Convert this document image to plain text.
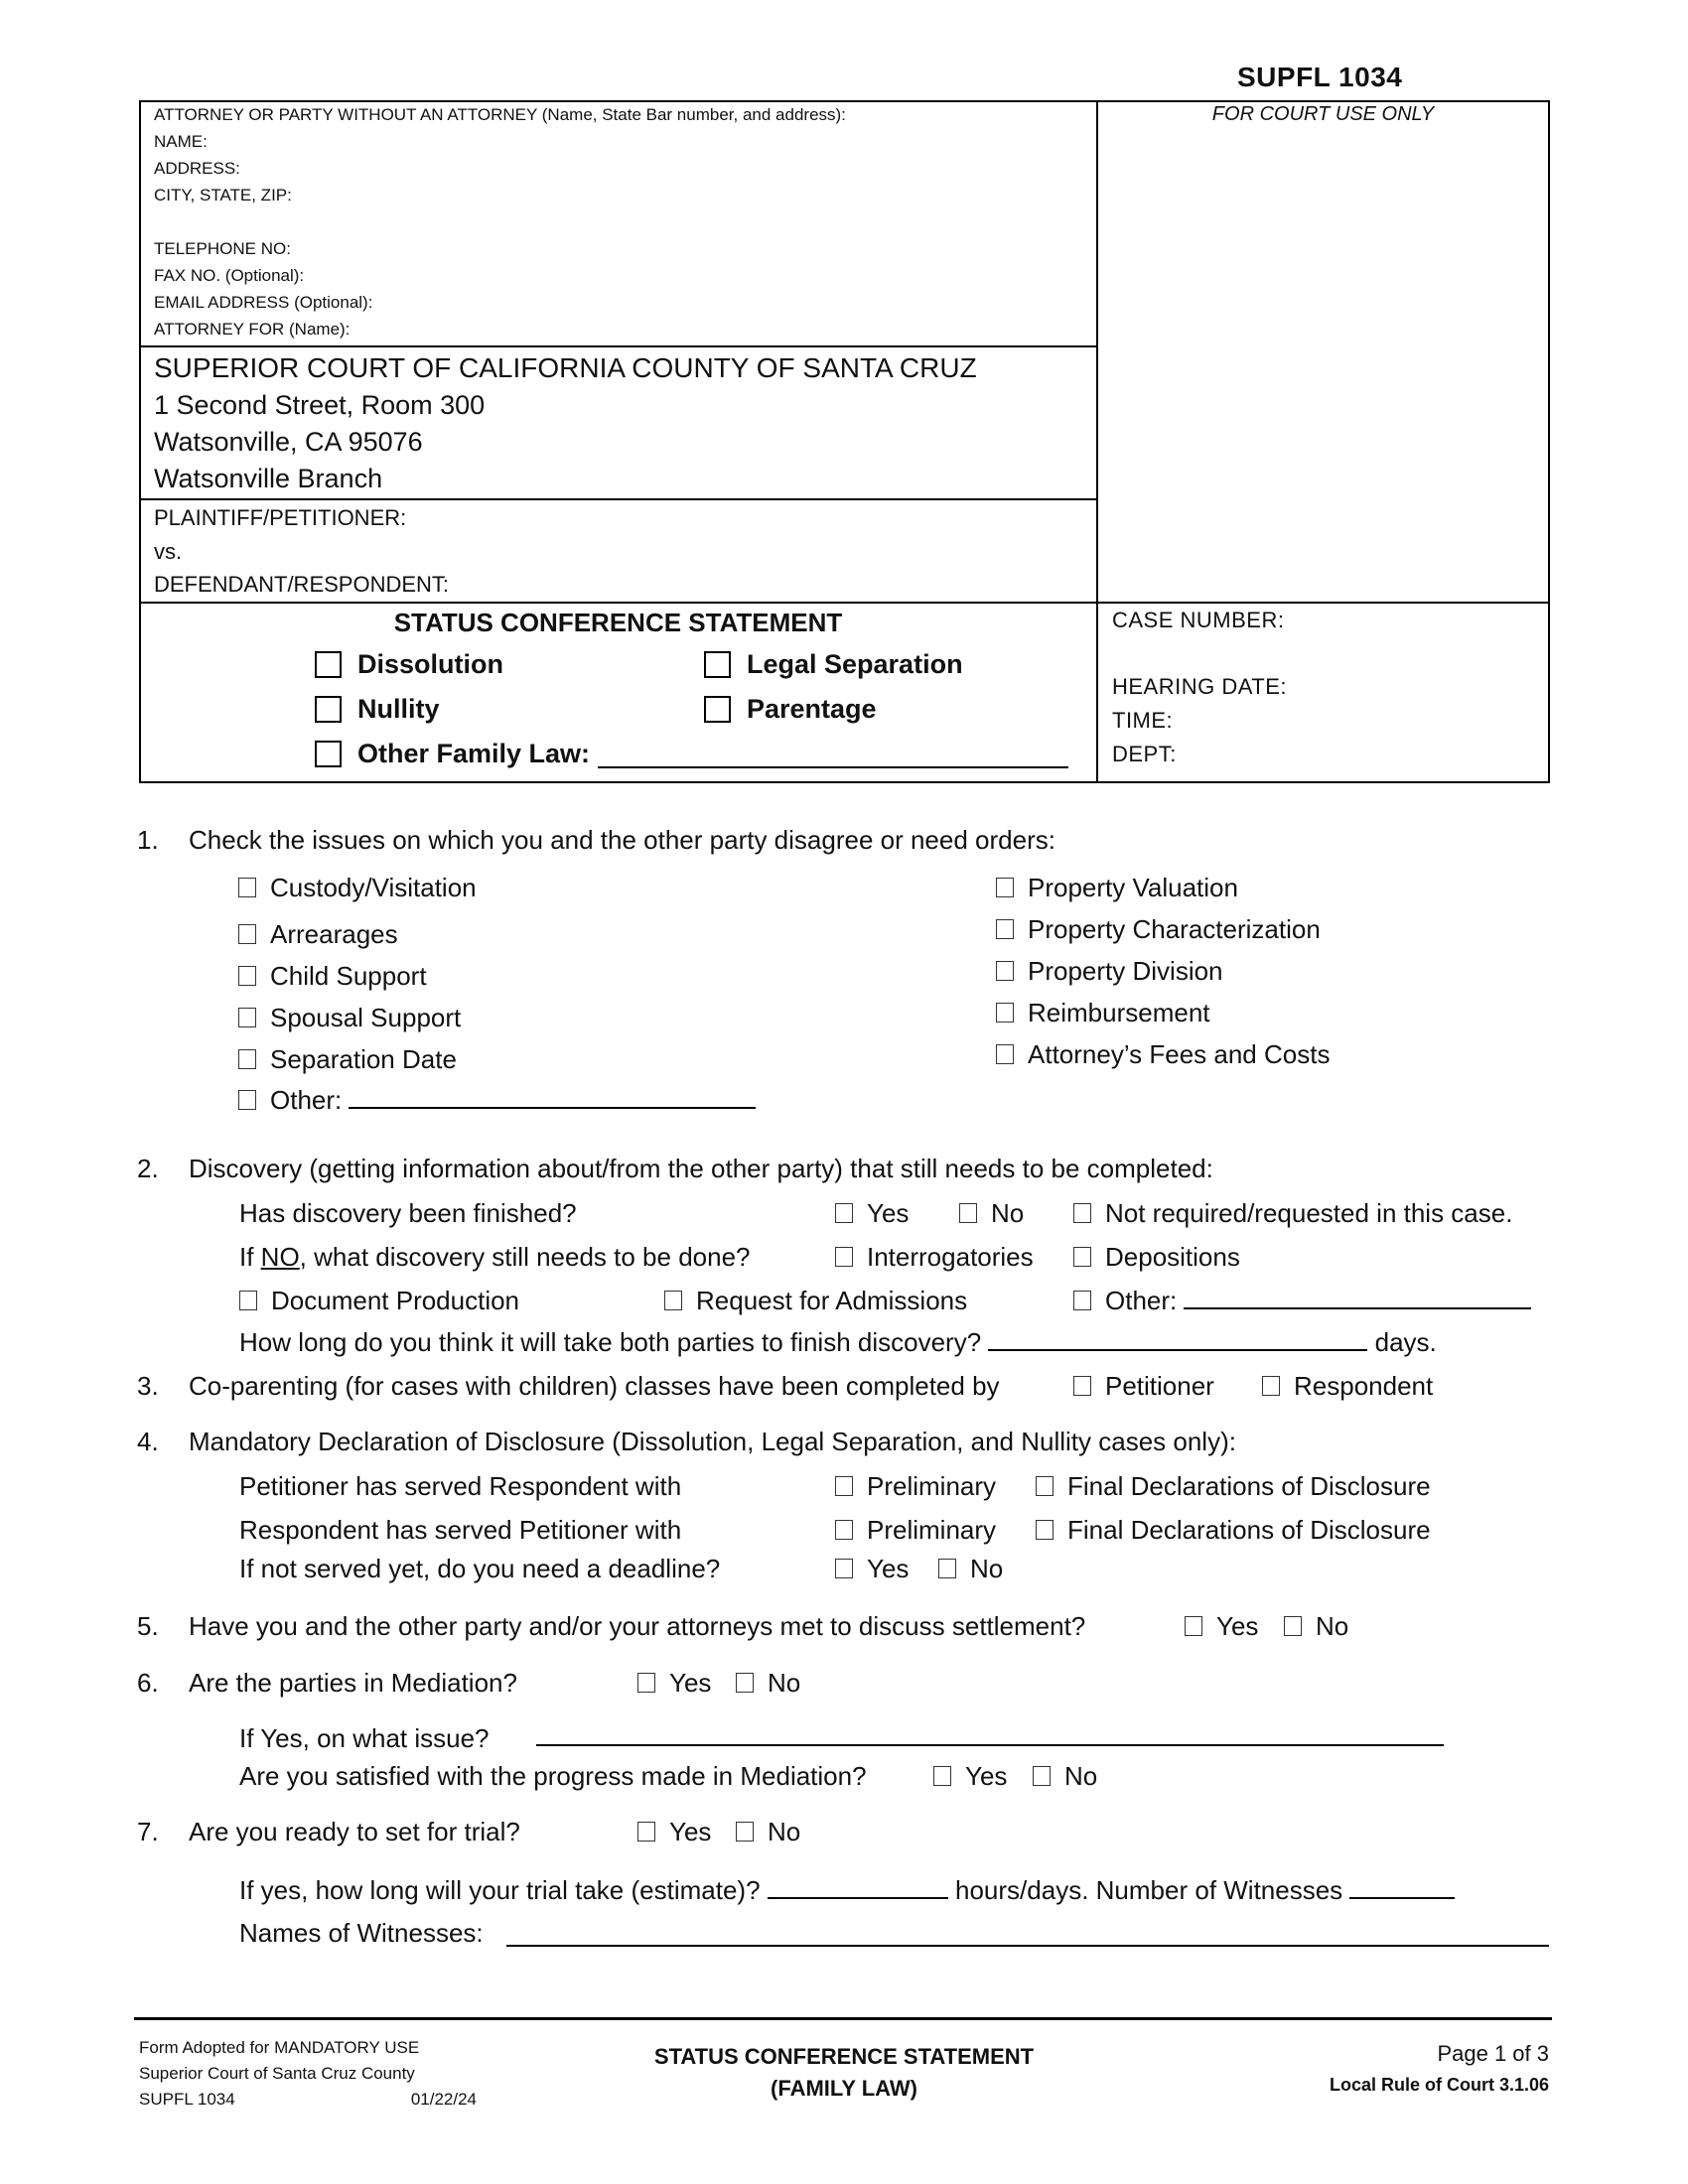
SUPFL 1034
ATTORNEY OR PARTY WITHOUT AN ATTORNEY (Name, State Bar number, and address):
NAME:
ADDRESS:
CITY, STATE, ZIP:
TELEPHONE NO:
FAX NO. (Optional):
EMAIL ADDRESS (Optional):
ATTORNEY FOR (Name):
FOR COURT USE ONLY
SUPERIOR COURT OF CALIFORNIA COUNTY OF SANTA CRUZ
1 Second Street, Room 300
Watsonville, CA 95076
Watsonville Branch
PLAINTIFF/PETITIONER:
vs.
DEFENDANT/RESPONDENT:
STATUS CONFERENCE STATEMENT
Dissolution	Legal Separation
Nullity	Parentage
Other Family Law:
CASE NUMBER:
HEARING DATE:
TIME:
DEPT:
1. Check the issues on which you and the other party disagree or need orders:
Custody/Visitation
Arrearages
Child Support
Spousal Support
Separation Date
Other:
Property Valuation
Property Characterization
Property Division
Reimbursement
Attorney’s Fees and Costs
2. Discovery (getting information about/from the other party) that still needs to be completed:
Has discovery been finished?	Yes	No	Not required/requested in this case.
If NO, what discovery still needs to be done?	Interrogatories	Depositions
Document Production	Request for Admissions	Other:
How long do you think it will take both parties to finish discovery?	days.
3. Co-parenting (for cases with children) classes have been completed by	Petitioner	Respondent
4. Mandatory Declaration of Disclosure (Dissolution, Legal Separation, and Nullity cases only):
Petitioner has served Respondent with	Preliminary	Final Declarations of Disclosure
Respondent has served Petitioner with	Preliminary	Final Declarations of Disclosure
If not served yet, do you need a deadline?	Yes	No
5. Have you and the other party and/or your attorneys met to discuss settlement?	Yes	No
6. Are the parties in Mediation?	Yes	No
If Yes, on what issue?
Are you satisfied with the progress made in Mediation?	Yes	No
7. Are you ready to set for trial?	Yes	No
If yes, how long will your trial take (estimate)?	hours/days. Number of Witnesses
Names of Witnesses:
Form Adopted for MANDATORY USE
Superior Court of Santa Cruz County
SUPFL 1034	01/22/24
STATUS CONFERENCE STATEMENT
(FAMILY LAW)
Page 1 of 3
Local Rule of Court 3.1.06
